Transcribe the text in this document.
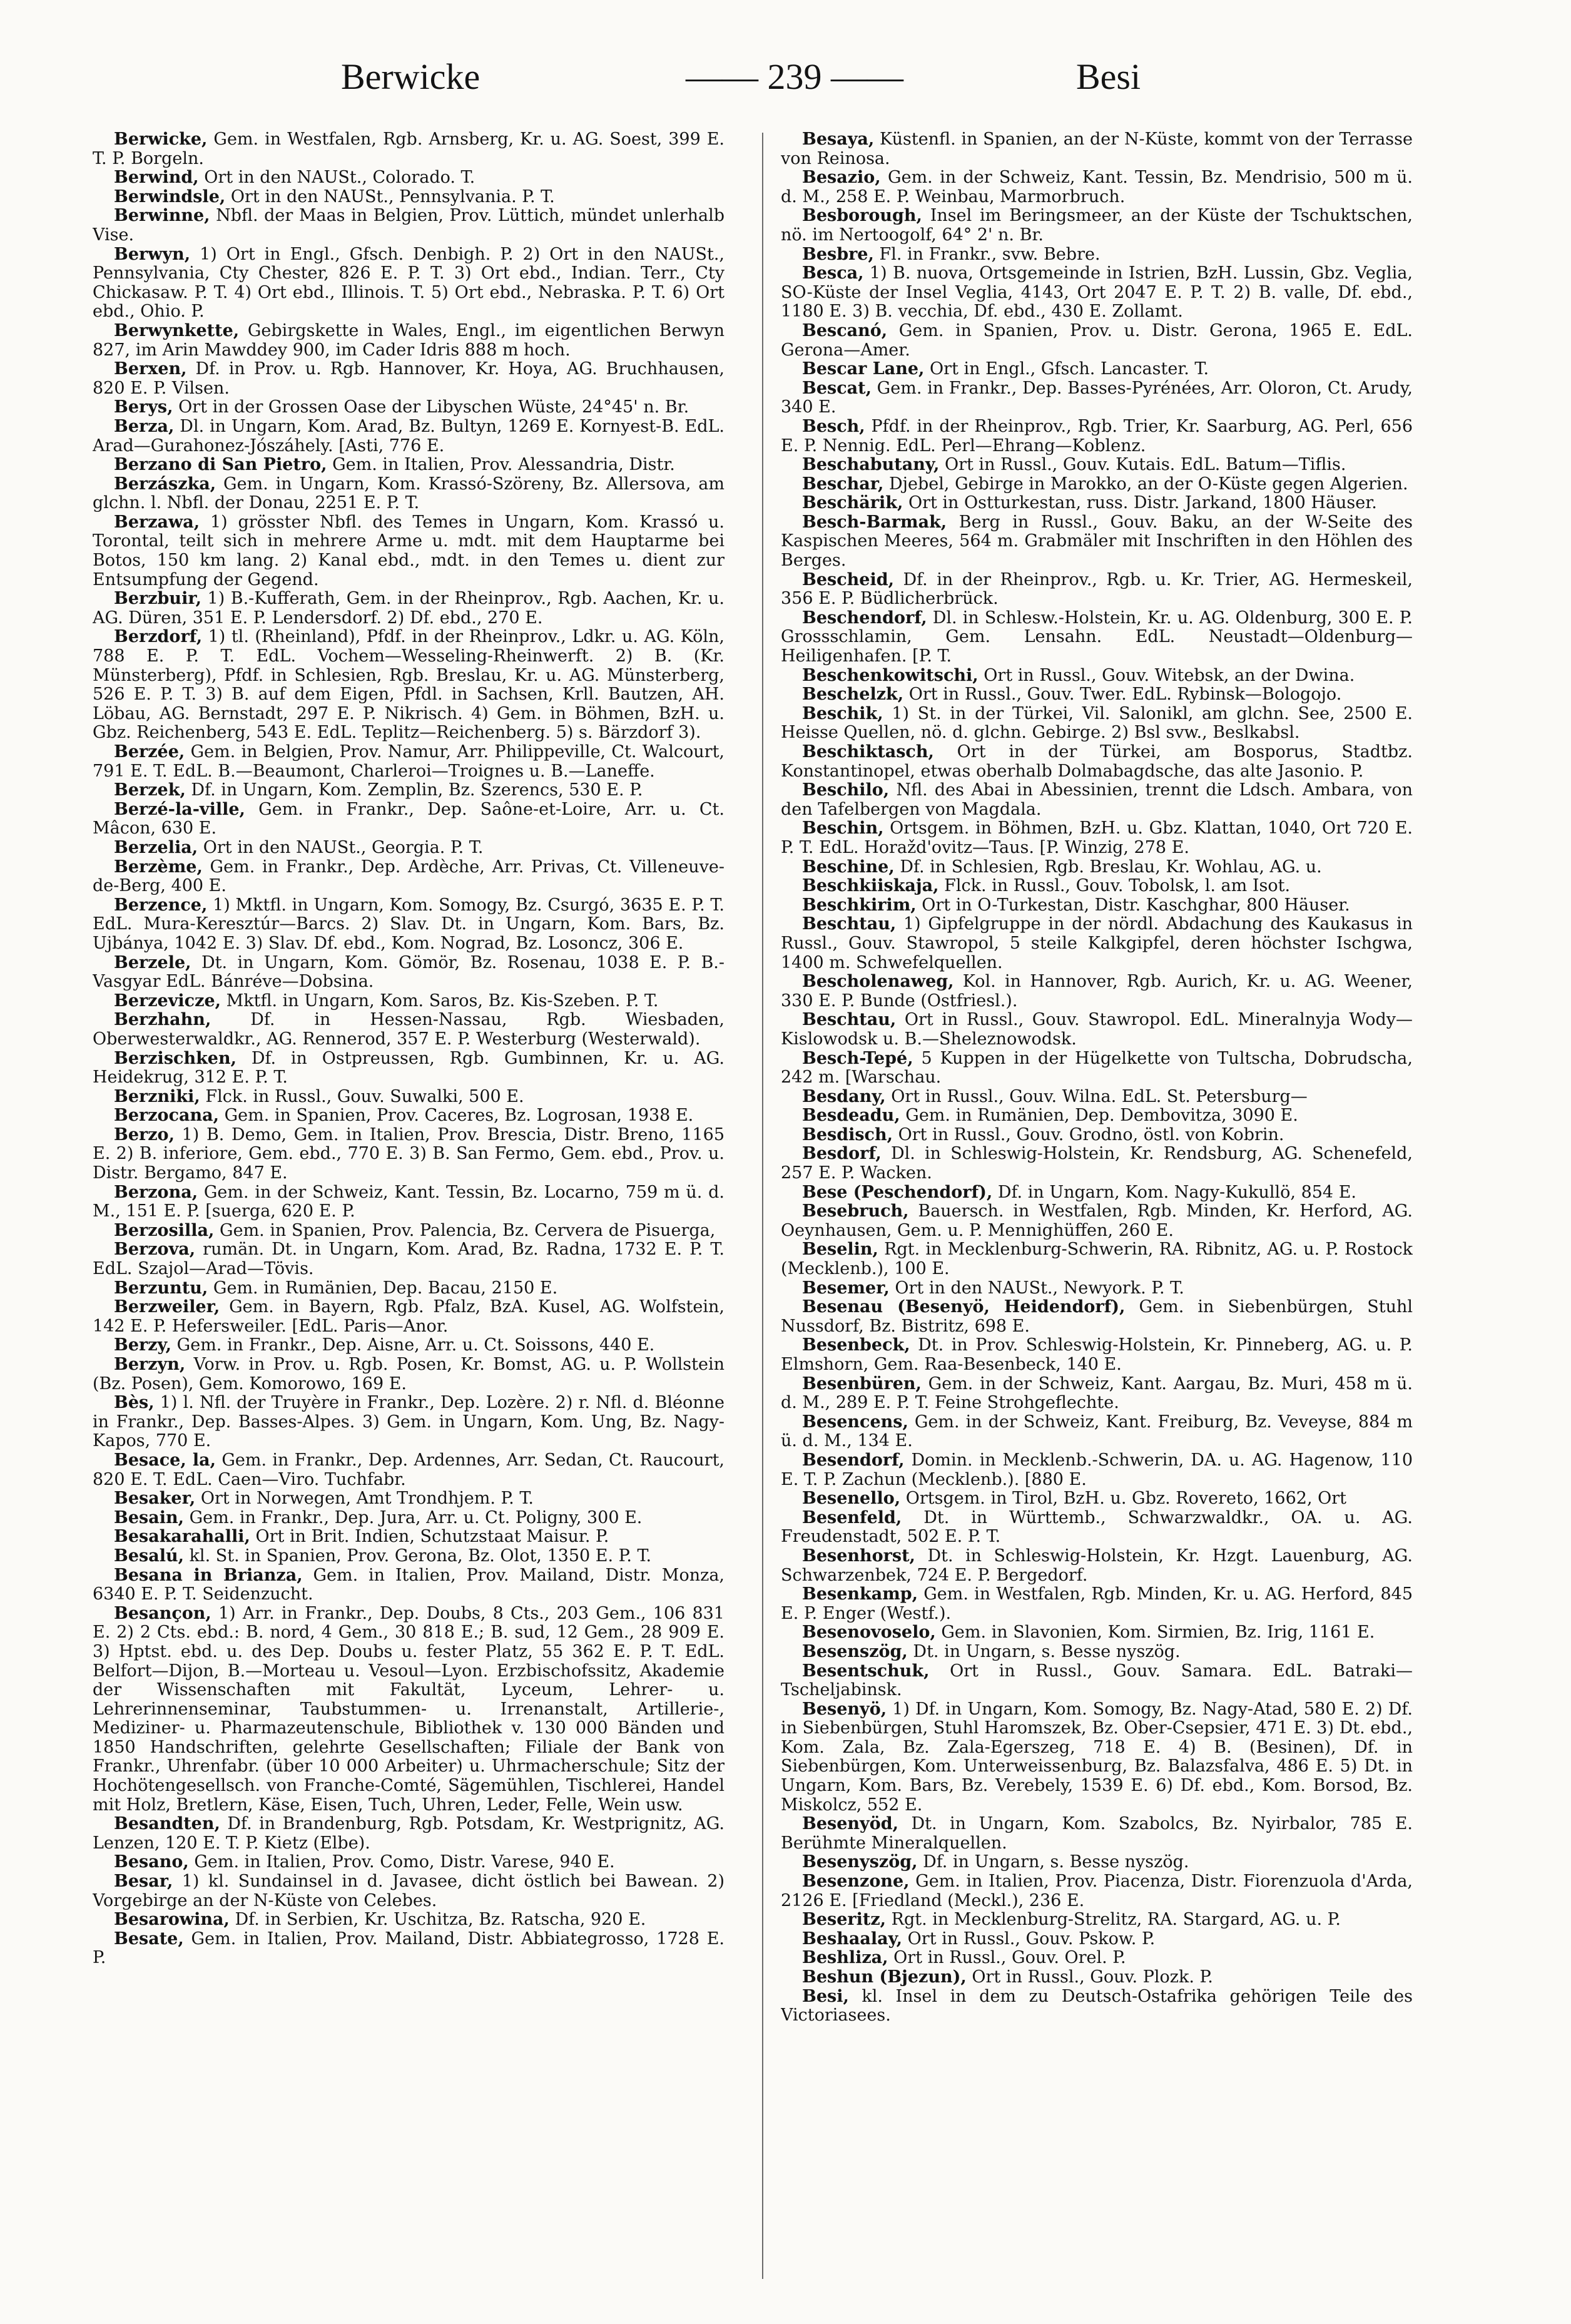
Berwicke	—— 239 ——	Besi

Berwicke, Gem. in Westfalen, Rgb. Arnsberg, Kr. u. AG. Soest, 399 E. T. P. Borgeln.

Berwind, Ort in den NAUSt., Colorado. T.

Berwindsle, Ort in den NAUSt., Pennsylvania. P. T.

Berwinne, Nbfl. der Maas in Belgien, Prov. Lüttich, mündet unlerhalb Vise.

Berwyn, 1) Ort in Engl., Gfsch. Denbigh. P. 2) Ort in den NAUSt., Pennsylvania, Cty Chester, 826 E. P. T. 3) Ort ebd., Indian. Terr., Cty Chickasaw. P. T. 4) Ort ebd., Illinois. T. 5) Ort ebd., Nebraska. P. T. 6) Ort ebd., Ohio. P.

Berwynkette, Gebirgskette in Wales, Engl., im eigentlichen Berwyn 827, im Arin Mawddey 900, im Cader Idris 888 m hoch.

Berxen, Df. in Prov. u. Rgb. Hannover, Kr. Hoya, AG. Bruchhausen, 820 E. P. Vilsen.

Berys, Ort in der Grossen Oase der Libyschen Wüste, 24°45' n. Br.

Berza, Dl. in Ungarn, Kom. Arad, Bz. Bultyn, 1269 E. Kornyest-B. EdL. Arad—Gurahonez-Jószáhely. [Asti, 776 E.

Berzano di San Pietro, Gem. in Italien, Prov. Alessandria, Distr.

Berzászka, Gem. in Ungarn, Kom. Krassó-Szöreny, Bz. Allersova, am glchn. l. Nbfl. der Donau, 2251 E. P. T.

Berzawa, 1) grösster Nbfl. des Temes in Ungarn, Kom. Krassó u. Torontal, teilt sich in mehrere Arme u. mdt. mit dem Hauptarme bei Botos, 150 km lang. 2) Kanal ebd., mdt. in den Temes u. dient zur Entsumpfung der Gegend.

Berzbuir, 1) B.-Kufferath, Gem. in der Rheinprov., Rgb. Aachen, Kr. u. AG. Düren, 351 E. P. Lendersdorf. 2) Df. ebd., 270 E.

Berzdorf, 1) tl. (Rheinland), Pfdf. in der Rheinprov., Ldkr. u. AG. Köln, 788 E. P. T. EdL. Vochem—Wesseling-Rheinwerft. 2) B. (Kr. Münsterberg), Pfdf. in Schlesien, Rgb. Breslau, Kr. u. AG. Münsterberg, 526 E. P. T. 3) B. auf dem Eigen, Pfdl. in Sachsen, Krll. Bautzen, AH. Löbau, AG. Bernstadt, 297 E. P. Nikrisch. 4) Gem. in Böhmen, BzH. u. Gbz. Reichenberg, 543 E. EdL. Teplitz—Reichenberg. 5) s. Bärzdorf 3).

Berzée, Gem. in Belgien, Prov. Namur, Arr. Philippeville, Ct. Walcourt, 791 E. T. EdL. B.—Beaumont, Charleroi—Troignes u. B.—Laneffe.

Berzek, Df. in Ungarn, Kom. Zemplin, Bz. Szerencs, 530 E. P.

Berzé-la-ville, Gem. in Frankr., Dep. Saône-et-Loire, Arr. u. Ct. Mâcon, 630 E.

Berzelia, Ort in den NAUSt., Georgia. P. T.

Berzème, Gem. in Frankr., Dep. Ardèche, Arr. Privas, Ct. Villeneuve-de-Berg, 400 E.

Berzence, 1) Mktfl. in Ungarn, Kom. Somogy, Bz. Csurgó, 3635 E. P. T. EdL. Mura-Keresztúr—Barcs. 2) Slav. Dt. in Ungarn, Kom. Bars, Bz. Ujbánya, 1042 E. 3) Slav. Df. ebd., Kom. Nograd, Bz. Losoncz, 306 E.

Berzele, Dt. in Ungarn, Kom. Gömör, Bz. Rosenau, 1038 E. P. B.-Vasgyar EdL. Bánréve—Dobsina.

Berzevicze, Mktfl. in Ungarn, Kom. Saros, Bz. Kis-Szeben. P. T.

Berzhahn, Df. in Hessen-Nassau, Rgb. Wiesbaden, Oberwesterwaldkr., AG. Rennerod, 357 E. P. Westerburg (Westerwald).

Berzischken, Df. in Ostpreussen, Rgb. Gumbinnen, Kr. u. AG. Heidekrug, 312 E. P. T.

Berzniki, Flck. in Russl., Gouv. Suwalki, 500 E.

Berzocana, Gem. in Spanien, Prov. Caceres, Bz. Logrosan, 1938 E.

Berzo, 1) B. Demo, Gem. in Italien, Prov. Brescia, Distr. Breno, 1165 E. 2) B. inferiore, Gem. ebd., 770 E. 3) B. San Fermo, Gem. ebd., Prov. u. Distr. Bergamo, 847 E.

Berzona, Gem. in der Schweiz, Kant. Tessin, Bz. Locarno, 759 m ü. d. M., 151 E. P. [suerga, 620 E. P.

Berzosilla, Gem. in Spanien, Prov. Palencia, Bz. Cervera de Pisuerga,

Berzova, rumän. Dt. in Ungarn, Kom. Arad, Bz. Radna, 1732 E. P. T. EdL. Szajol—Arad—Tövis.

Berzuntu, Gem. in Rumänien, Dep. Bacau, 2150 E.

Berzweiler, Gem. in Bayern, Rgb. Pfalz, BzA. Kusel, AG. Wolfstein, 142 E. P. Hefersweiler. [EdL. Paris—Anor.

Berzy, Gem. in Frankr., Dep. Aisne, Arr. u. Ct. Soissons, 440 E.

Berzyn, Vorw. in Prov. u. Rgb. Posen, Kr. Bomst, AG. u. P. Wollstein (Bz. Posen), Gem. Komorowo, 169 E.

Bès, 1) l. Nfl. der Truyère in Frankr., Dep. Lozère. 2) r. Nfl. d. Bléonne in Frankr., Dep. Basses-Alpes. 3) Gem. in Ungarn, Kom. Ung, Bz. Nagy-Kapos, 770 E.

Besace, la, Gem. in Frankr., Dep. Ardennes, Arr. Sedan, Ct. Raucourt, 820 E. T. EdL. Caen—Viro. Tuchfabr.

Besaker, Ort in Norwegen, Amt Trondhjem. P. T.

Besain, Gem. in Frankr., Dep. Jura, Arr. u. Ct. Poligny, 300 E.

Besakarahalli, Ort in Brit. Indien, Schutzstaat Maisur. P.

Besalú, kl. St. in Spanien, Prov. Gerona, Bz. Olot, 1350 E. P. T.

Besana in Brianza, Gem. in Italien, Prov. Mailand, Distr. Monza, 6340 E. P. T. Seidenzucht.

Besançon, 1) Arr. in Frankr., Dep. Doubs, 8 Cts., 203 Gem., 106 831 E. 2) 2 Cts. ebd.: B. nord, 4 Gem., 30 818 E.; B. sud, 12 Gem., 28 909 E. 3) Hptst. ebd. u. des Dep. Doubs u. fester Platz, 55 362 E. P. T. EdL. Belfort—Dijon, B.—Morteau u. Vesoul—Lyon. Erzbischofssitz, Akademie der Wissenschaften mit Fakultät, Lyceum, Lehrer- u. Lehrerinnenseminar, Taubstummen- u. Irrenanstalt, Artillerie-, Mediziner- u. Pharmazeutenschule, Bibliothek v. 130 000 Bänden und 1850 Handschriften, gelehrte Gesellschaften; Filiale der Bank von Frankr., Uhrenfabr. (über 10 000 Arbeiter) u. Uhrmacherschule; Sitz der Hochötengesellsch. von Franche-Comté, Sägemühlen, Tischlerei, Handel mit Holz, Bretlern, Käse, Eisen, Tuch, Uhren, Leder, Felle, Wein usw.

Besandten, Df. in Brandenburg, Rgb. Potsdam, Kr. Westprignitz, AG. Lenzen, 120 E. T. P. Kietz (Elbe).

Besano, Gem. in Italien, Prov. Como, Distr. Varese, 940 E.

Besar, 1) kl. Sundainsel in d. Javasee, dicht östlich bei Bawean. 2) Vorgebirge an der N-Küste von Celebes.

Besarowina, Df. in Serbien, Kr. Uschitza, Bz. Ratscha, 920 E.

Besate, Gem. in Italien, Prov. Mailand, Distr. Abbiategrosso, 1728 E. P.

Besaya, Küstenfl. in Spanien, an der N-Küste, kommt von der Terrasse von Reinosa.

Besazio, Gem. in der Schweiz, Kant. Tessin, Bz. Mendrisio, 500 m ü. d. M., 258 E. P. Weinbau, Marmorbruch.

Besborough, Insel im Beringsmeer, an der Küste der Tschuktschen, nö. im Nertoogolf, 64° 2' n. Br.

Besbre, Fl. in Frankr., svw. Bebre.

Besca, 1) B. nuova, Ortsgemeinde in Istrien, BzH. Lussin, Gbz. Veglia, SO-Küste der Insel Veglia, 4143, Ort 2047 E. P. T. 2) B. valle, Df. ebd., 1180 E. 3) B. vecchia, Df. ebd., 430 E. Zollamt.

Bescanó, Gem. in Spanien, Prov. u. Distr. Gerona, 1965 E. EdL. Gerona—Amer.

Bescar Lane, Ort in Engl., Gfsch. Lancaster. T.

Bescat, Gem. in Frankr., Dep. Basses-Pyrénées, Arr. Oloron, Ct. Arudy, 340 E.

Besch, Pfdf. in der Rheinprov., Rgb. Trier, Kr. Saarburg, AG. Perl, 656 E. P. Nennig. EdL. Perl—Ehrang—Koblenz.

Beschabutany, Ort in Russl., Gouv. Kutais. EdL. Batum—Tiflis.

Beschar, Djebel, Gebirge in Marokko, an der O-Küste gegen Algerien.

Beschärik, Ort in Ostturkestan, russ. Distr. Jarkand, 1800 Häuser.

Besch-Barmak, Berg in Russl., Gouv. Baku, an der W-Seite des Kaspischen Meeres, 564 m. Grabmäler mit Inschriften in den Höhlen des Berges.

Bescheid, Df. in der Rheinprov., Rgb. u. Kr. Trier, AG. Hermeskeil, 356 E. P. Büdlicherbrück.

Beschendorf, Dl. in Schlesw.-Holstein, Kr. u. AG. Oldenburg, 300 E. P. Grossschlamin, Gem. Lensahn. EdL. Neustadt—Oldenburg—Heiligenhafen. [P. T.

Beschenkowitschi, Ort in Russl., Gouv. Witebsk, an der Dwina.

Beschelzk, Ort in Russl., Gouv. Twer. EdL. Rybinsk—Bologojo.

Beschik, 1) St. in der Türkei, Vil. Salonikl, am glchn. See, 2500 E. Heisse Quellen, nö. d. glchn. Gebirge. 2) Bsl svw., Beslkabsl.

Beschiktasch, Ort in der Türkei, am Bosporus, Stadtbz. Konstantinopel, etwas oberhalb Dolmabagdsche, das alte Jasonio. P.

Beschilo, Nfl. des Abai in Abessinien, trennt die Ldsch. Ambara, von den Tafelbergen von Magdala.

Beschin, Ortsgem. in Böhmen, BzH. u. Gbz. Klattan, 1040, Ort 720 E. P. T. EdL. Horažd'ovitz—Taus. [P. Winzig, 278 E.

Beschine, Df. in Schlesien, Rgb. Breslau, Kr. Wohlau, AG. u.

Beschkiiskaja, Flck. in Russl., Gouv. Tobolsk, l. am Isot.

Beschkirim, Ort in O-Turkestan, Distr. Kaschghar, 800 Häuser.

Beschtau, 1) Gipfelgruppe in der nördl. Abdachung des Kaukasus in Russl., Gouv. Stawropol, 5 steile Kalkgipfel, deren höchster Ischgwa, 1400 m. Schwefelquellen.

Bescholenaweg, Kol. in Hannover, Rgb. Aurich, Kr. u. AG. Weener, 330 E. P. Bunde (Ostfriesl.).

Beschtau, Ort in Russl., Gouv. Stawropol. EdL. Mineralnyja Wody—Kislowodsk u. B.—Sheleznowodsk.

Besch-Tepé, 5 Kuppen in der Hügelkette von Tultscha, Dobrudscha, 242 m. [Warschau.

Besdany, Ort in Russl., Gouv. Wilna. EdL. St. Petersburg—

Besdeadu, Gem. in Rumänien, Dep. Dembovitza, 3090 E.

Besdisch, Ort in Russl., Gouv. Grodno, östl. von Kobrin.

Besdorf, Dl. in Schleswig-Holstein, Kr. Rendsburg, AG. Schenefeld, 257 E. P. Wacken.

Bese (Peschendorf), Df. in Ungarn, Kom. Nagy-Kukullö, 854 E.

Besebruch, Bauersch. in Westfalen, Rgb. Minden, Kr. Herford, AG. Oeynhausen, Gem. u. P. Mennighüffen, 260 E.

Beselin, Rgt. in Mecklenburg-Schwerin, RA. Ribnitz, AG. u. P. Rostock (Mecklenb.), 100 E.

Besemer, Ort in den NAUSt., Newyork. P. T.

Besenau (Besenyö, Heidendorf), Gem. in Siebenbürgen, Stuhl Nussdorf, Bz. Bistritz, 698 E.

Besenbeck, Dt. in Prov. Schleswig-Holstein, Kr. Pinneberg, AG. u. P. Elmshorn, Gem. Raa-Besenbeck, 140 E.

Besenbüren, Gem. in der Schweiz, Kant. Aargau, Bz. Muri, 458 m ü. d. M., 289 E. P. T. Feine Strohgeflechte.

Besencens, Gem. in der Schweiz, Kant. Freiburg, Bz. Veveyse, 884 m ü. d. M., 134 E.

Besendorf, Domin. in Mecklenb.-Schwerin, DA. u. AG. Hagenow, 110 E. T. P. Zachun (Mecklenb.). [880 E.

Besenello, Ortsgem. in Tirol, BzH. u. Gbz. Rovereto, 1662, Ort

Besenfeld, Dt. in Württemb., Schwarzwaldkr., OA. u. AG. Freudenstadt, 502 E. P. T.

Besenhorst, Dt. in Schleswig-Holstein, Kr. Hzgt. Lauenburg, AG. Schwarzenbek, 724 E. P. Bergedorf.

Besenkamp, Gem. in Westfalen, Rgb. Minden, Kr. u. AG. Herford, 845 E. P. Enger (Westf.).

Besenovoselo, Gem. in Slavonien, Kom. Sirmien, Bz. Irig, 1161 E.

Besenszög, Dt. in Ungarn, s. Besse nyszög.

Besentschuk, Ort in Russl., Gouv. Samara. EdL. Batraki—Tscheljabinsk.

Besenyö, 1) Df. in Ungarn, Kom. Somogy, Bz. Nagy-Atad, 580 E. 2) Df. in Siebenbürgen, Stuhl Haromszek, Bz. Ober-Csepsier, 471 E. 3) Dt. ebd., Kom. Zala, Bz. Zala-Egerszeg, 718 E. 4) B. (Besinen), Df. in Siebenbürgen, Kom. Unterweissenburg, Bz. Balazsfalva, 486 E. 5) Dt. in Ungarn, Kom. Bars, Bz. Verebely, 1539 E. 6) Df. ebd., Kom. Borsod, Bz. Miskolcz, 552 E.

Besenyöd, Dt. in Ungarn, Kom. Szabolcs, Bz. Nyirbalor, 785 E. Berühmte Mineralquellen.

Besenyszög, Df. in Ungarn, s. Besse nyszög.

Besenzone, Gem. in Italien, Prov. Piacenza, Distr. Fiorenzuola d'Arda, 2126 E. [Friedland (Meckl.), 236 E.

Beseritz, Rgt. in Mecklenburg-Strelitz, RA. Stargard, AG. u. P.

Beshaalay, Ort in Russl., Gouv. Pskow. P.

Beshliza, Ort in Russl., Gouv. Orel. P.

Beshun (Bjezun), Ort in Russl., Gouv. Plozk. P.

Besi, kl. Insel in dem zu Deutsch-Ostafrika gehörigen Teile des Victoriasees.
